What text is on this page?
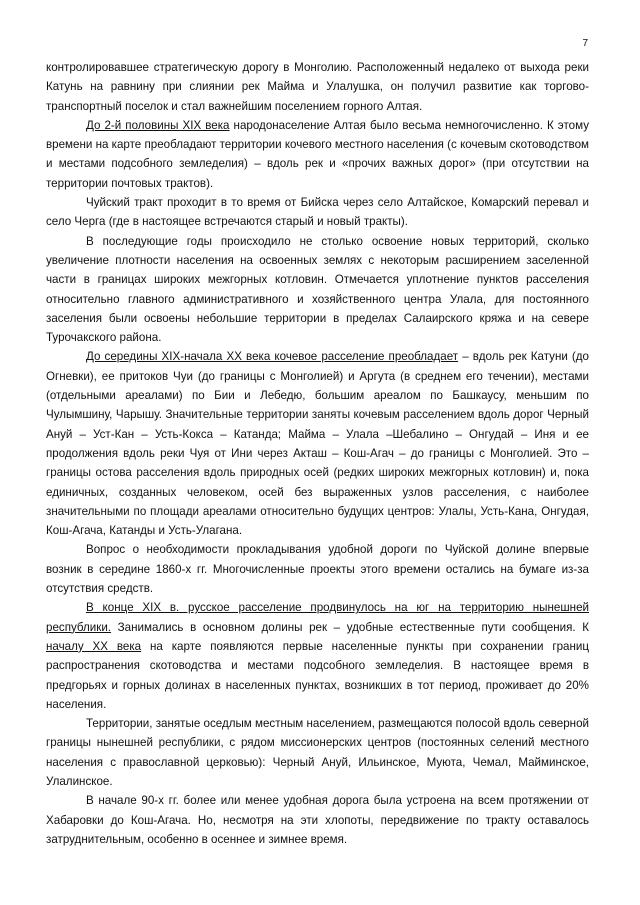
7

контролировавшее стратегическую дорогу в Монголию. Расположенный недалеко от выхода реки Катунь на равнину при слиянии рек Майма и Улалушка, он получил развитие как торгово-транспортный поселок и стал важнейшим поселением горного Алтая.

До 2-й половины XIX века народонаселение Алтая было весьма немногочисленно. К этому времени на карте преобладают территории кочевого местного населения (с кочевым скотоводством и местами подсобного земледелия) – вдоль рек и «прочих важных дорог» (при отсутствии на территории почтовых трактов).

Чуйский тракт проходит в то время от Бийска через село Алтайское, Комарский перевал и село Черга (где в настоящее встречаются старый и новый тракты).

В последующие годы происходило не столько освоение новых территорий, сколько увеличение плотности населения на освоенных землях с некоторым расширением заселенной части в границах широких межгорных котловин. Отмечается уплотнение пунктов расселения относительно главного административного и хозяйственного центра Улала, для постоянного заселения были освоены небольшие территории в пределах Салаирского кряжа и на севере Турочакского района.

До середины XIX-начала XX века кочевое расселение преобладает – вдоль рек Катуни (до Огневки), ее притоков Чуи (до границы с Монголией) и Аргута (в среднем его течении), местами (отдельными ареалами) по Бии и Лебедю, большим ареалом по Башкаусу, меньшим по Чулымшину, Чарышу. Значительные территории заняты кочевым расселением вдоль дорог Черный Ануй – Уст-Кан – Усть-Кокса – Катанда; Майма – Улала –Шебалино – Онгудай – Иня и ее продолжения вдоль реки Чуя от Ини через Акташ – Кош-Агач – до границы с Монголией. Это – границы остова расселения вдоль природных осей (редких широких межгорных котловин) и, пока единичных, созданных человеком, осей без выраженных узлов расселения, с наиболее значительными по площади ареалами относительно будущих центров: Улалы, Усть-Кана, Онгудая, Кош-Агача, Катанды и Усть-Улагана.

Вопрос о необходимости прокладывания удобной дороги по Чуйской долине впервые возник в середине 1860-х гг. Многочисленные проекты этого времени остались на бумаге из-за отсутствия средств.

В конце XIX в. русское расселение продвинулось на юг на территорию нынешней республики. Занимались в основном долины рек – удобные естественные пути сообщения. К началу XX века на карте появляются первые населенные пункты при сохранении границ распространения скотоводства и местами подсобного земледелия. В настоящее время в предгорьях и горных долинах в населенных пунктах, возникших в тот период, проживает до 20% населения.

Территории, занятые оседлым местным населением, размещаются полосой вдоль северной границы нынешней республики, с рядом миссионерских центров (постоянных селений местного населения с православной церковью): Черный Ануй, Ильинское, Муюта, Чемал, Майминское, Улалинское.

В начале 90-х гг. более или менее удобная дорога была устроена на всем протяжении от Хабаровки до Кош-Агача. Но, несмотря на эти хлопоты, передвижение по тракту оставалось затруднительным, особенно в осеннее и зимнее время.
